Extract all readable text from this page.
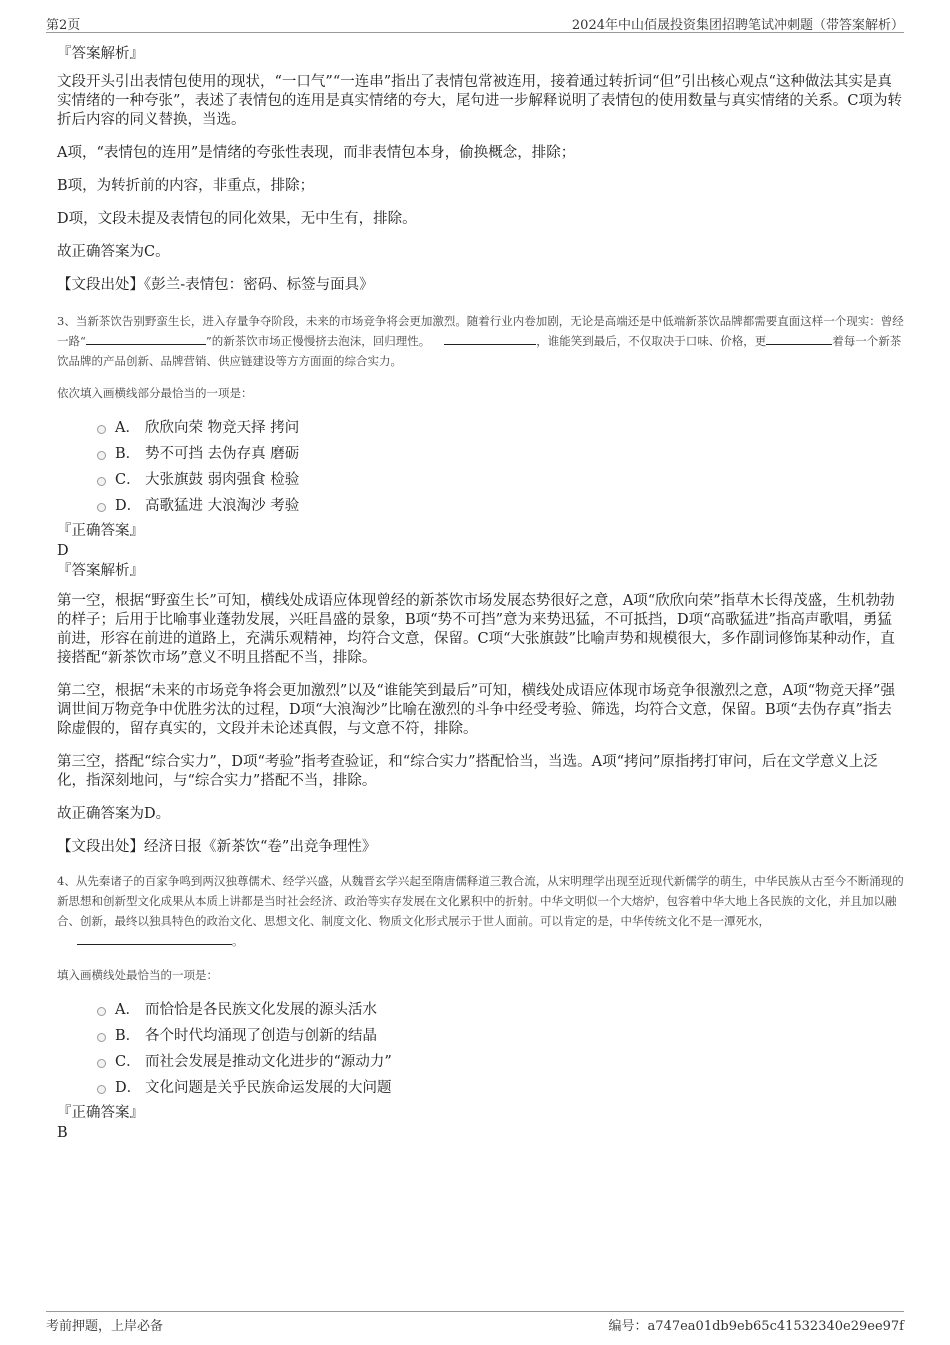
第2页	2024年中山佰晟投资集团招聘笔试冲刺题（带答案解析）
『答案解析』

文段开头引出表情包使用的现状，“一口气”“一连串”指出了表情包常被连用，接着通过转折词“但”引出核心观点“这种做法其实是真实情绪的一种夸张”，表述了表情包的连用是真实情绪的夸大，尾句进一步解释说明了表情包的使用数量与真实情绪的关系。C项为转折后内容的同义替换，当选。

A项，“表情包的连用”是情绪的夸张性表现，而非表情包本身，偷换概念，排除；

B项，为转折前的内容，非重点，排除；

D项，文段未提及表情包的同化效果，无中生有，排除。

故正确答案为C。

【文段出处】《彭兰-表情包：密码、标签与面具》

3、当新茶饮告别野蛮生长，进入存量争夺阶段，未来的市场竞争将会更加激烈。随着行业内卷加剧，无论是高端还是中低端新茶饮品牌都需要直面这样一个现实：曾经一路“	”的新茶饮市场正慢慢挤去泡沫，回归理性。	，谁能笑到最后，不仅取决于口味、价格，更	着每一个新茶饮品牌的产品创新、品牌营销、供应链建设等方方面面的综合实力。

依次填入画横线部分最恰当的一项是：

A． 欣欣向荣 物竞天择 拷问
B． 势不可挡 去伪存真 磨砺
C． 大张旗鼓 弱肉强食 检验
D． 高歌猛进 大浪淘沙 考验
『正确答案』
D
『答案解析』

第一空，根据“野蛮生长”可知，横线处成语应体现曾经的新茶饮市场发展态势很好之意，A项“欣欣向荣”指草木长得茂盛，生机勃勃的样子；后用于比喻事业蓬勃发展，兴旺昌盛的景象，B项“势不可挡”意为来势迅猛，不可抵挡，D项“高歌猛进”指高声歌唱，勇猛前进，形容在前进的道路上，充满乐观精神，均符合文意，保留。C项“大张旗鼓”比喻声势和规模很大，多作副词修饰某种动作，直接搭配“新茶饮市场”意义不明且搭配不当，排除。

第二空，根据“未来的市场竞争将会更加激烈”以及“谁能笑到最后”可知，横线处成语应体现市场竞争很激烈之意，A项“物竞天择”强调世间万物竞争中优胜劣汰的过程，D项“大浪淘沙”比喻在激烈的斗争中经受考验、筛选，均符合文意，保留。B项“去伪存真”指去除虚假的，留存真实的，文段并未论述真假，与文意不符，排除。

第三空，搭配“综合实力”，D项“考验”指考查验证，和“综合实力”搭配恰当，当选。A项“拷问”原指拷打审问，后在文学意义上泛化，指深刻地问，与“综合实力”搭配不当，排除。

故正确答案为D。

【文段出处】经济日报《新茶饮“卷”出竞争理性》

4、从先秦诸子的百家争鸣到两汉独尊儒术、经学兴盛，从魏晋玄学兴起至隋唐儒释道三教合流，从宋明理学出现至近现代新儒学的萌生，中华民族从古至今不断涌现的新思想和创新型文化成果从本质上讲都是当时社会经济、政治等实存发展在文化累积中的折射。中华文明似一个大熔炉，包容着中华大地上各民族的文化，并且加以融合、创新，最终以独具特色的政治文化、思想文化、制度文化、物质文化形式展示于世人面前。可以肯定的是，中华传统文化不是一潭死水，。

填入画横线处最恰当的一项是：

A． 而恰恰是各民族文化发展的源头活水
B． 各个时代均涌现了创造与创新的结晶
C． 而社会发展是推动文化进步的“源动力”
D． 文化问题是关乎民族命运发展的大问题
『正确答案』
B
考前押题，上岸必备	编号：a747ea01db9eb65c41532340e29ee97f
